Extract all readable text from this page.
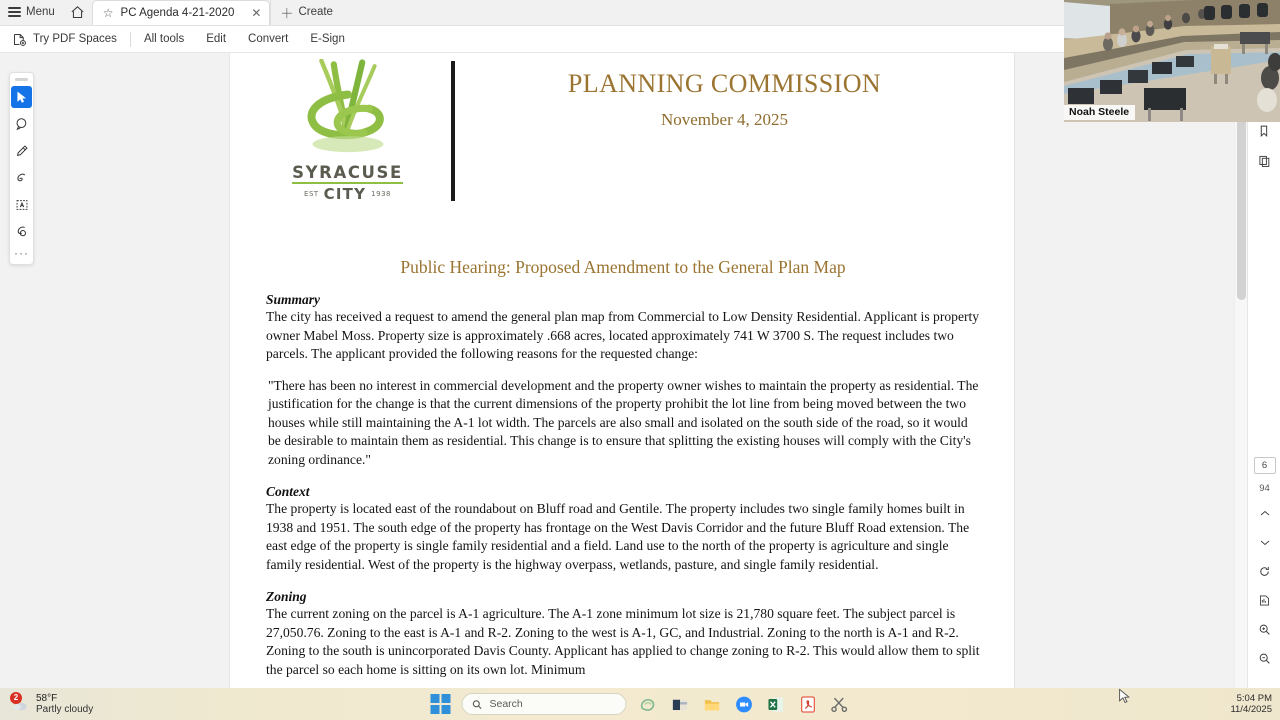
Menu	☆ PC Agenda 4-21-2020 ✕ ＋ Create
Try PDF Spaces	All tools	Edit	Convert	E-Sign
SYRACUSE
EST CITY 1938
PLANNING COMMISSION
November 4, 2025
Public Hearing: Proposed Amendment to the General Plan Map
Summary
The city has received a request to amend the general plan map from Commercial to Low Density Residential. Applicant is property owner Mabel Moss. Property size is approximately .668 acres, located approximately 741 W 3700 S. The request includes two parcels. The applicant provided the following reasons for the requested change:
"There has been no interest in commercial development and the property owner wishes to maintain the property as residential. The justification for the change is that the current dimensions of the property prohibit the lot line from being moved between the two houses while still maintaining the A-1 lot width. The parcels are also small and isolated on the south side of the road, so it would be desirable to maintain them as residential. This change is to ensure that splitting the existing houses will comply with the City's zoning ordinance."
Context
The property is located east of the roundabout on Bluff road and Gentile. The property includes two single family homes built in 1938 and 1951. The south edge of the property has frontage on the West Davis Corridor and the future Bluff Road extension. The east edge of the property is single family residential and a field. Land use to the north of the property is agriculture and single family residential. West of the property is the highway overpass, wetlands, pasture, and single family residential.
Zoning
The current zoning on the parcel is A-1 agriculture. The A-1 zone minimum lot size is 21,780 square feet. The subject parcel is 27,050.76. Zoning to the east is A-1 and R-2. Zoning to the west is A-1, GC, and Industrial. Zoning to the north is A-1 and R-2. Zoning to the south is unincorporated Davis County. Applicant has applied to change zoning to R-2. This would allow them to split the parcel so each home is sitting on its own lot. Minimum
···
6
94
Noah Steele
2	58°F
Partly cloudy	Search	5:04 PM
11/4/2025
